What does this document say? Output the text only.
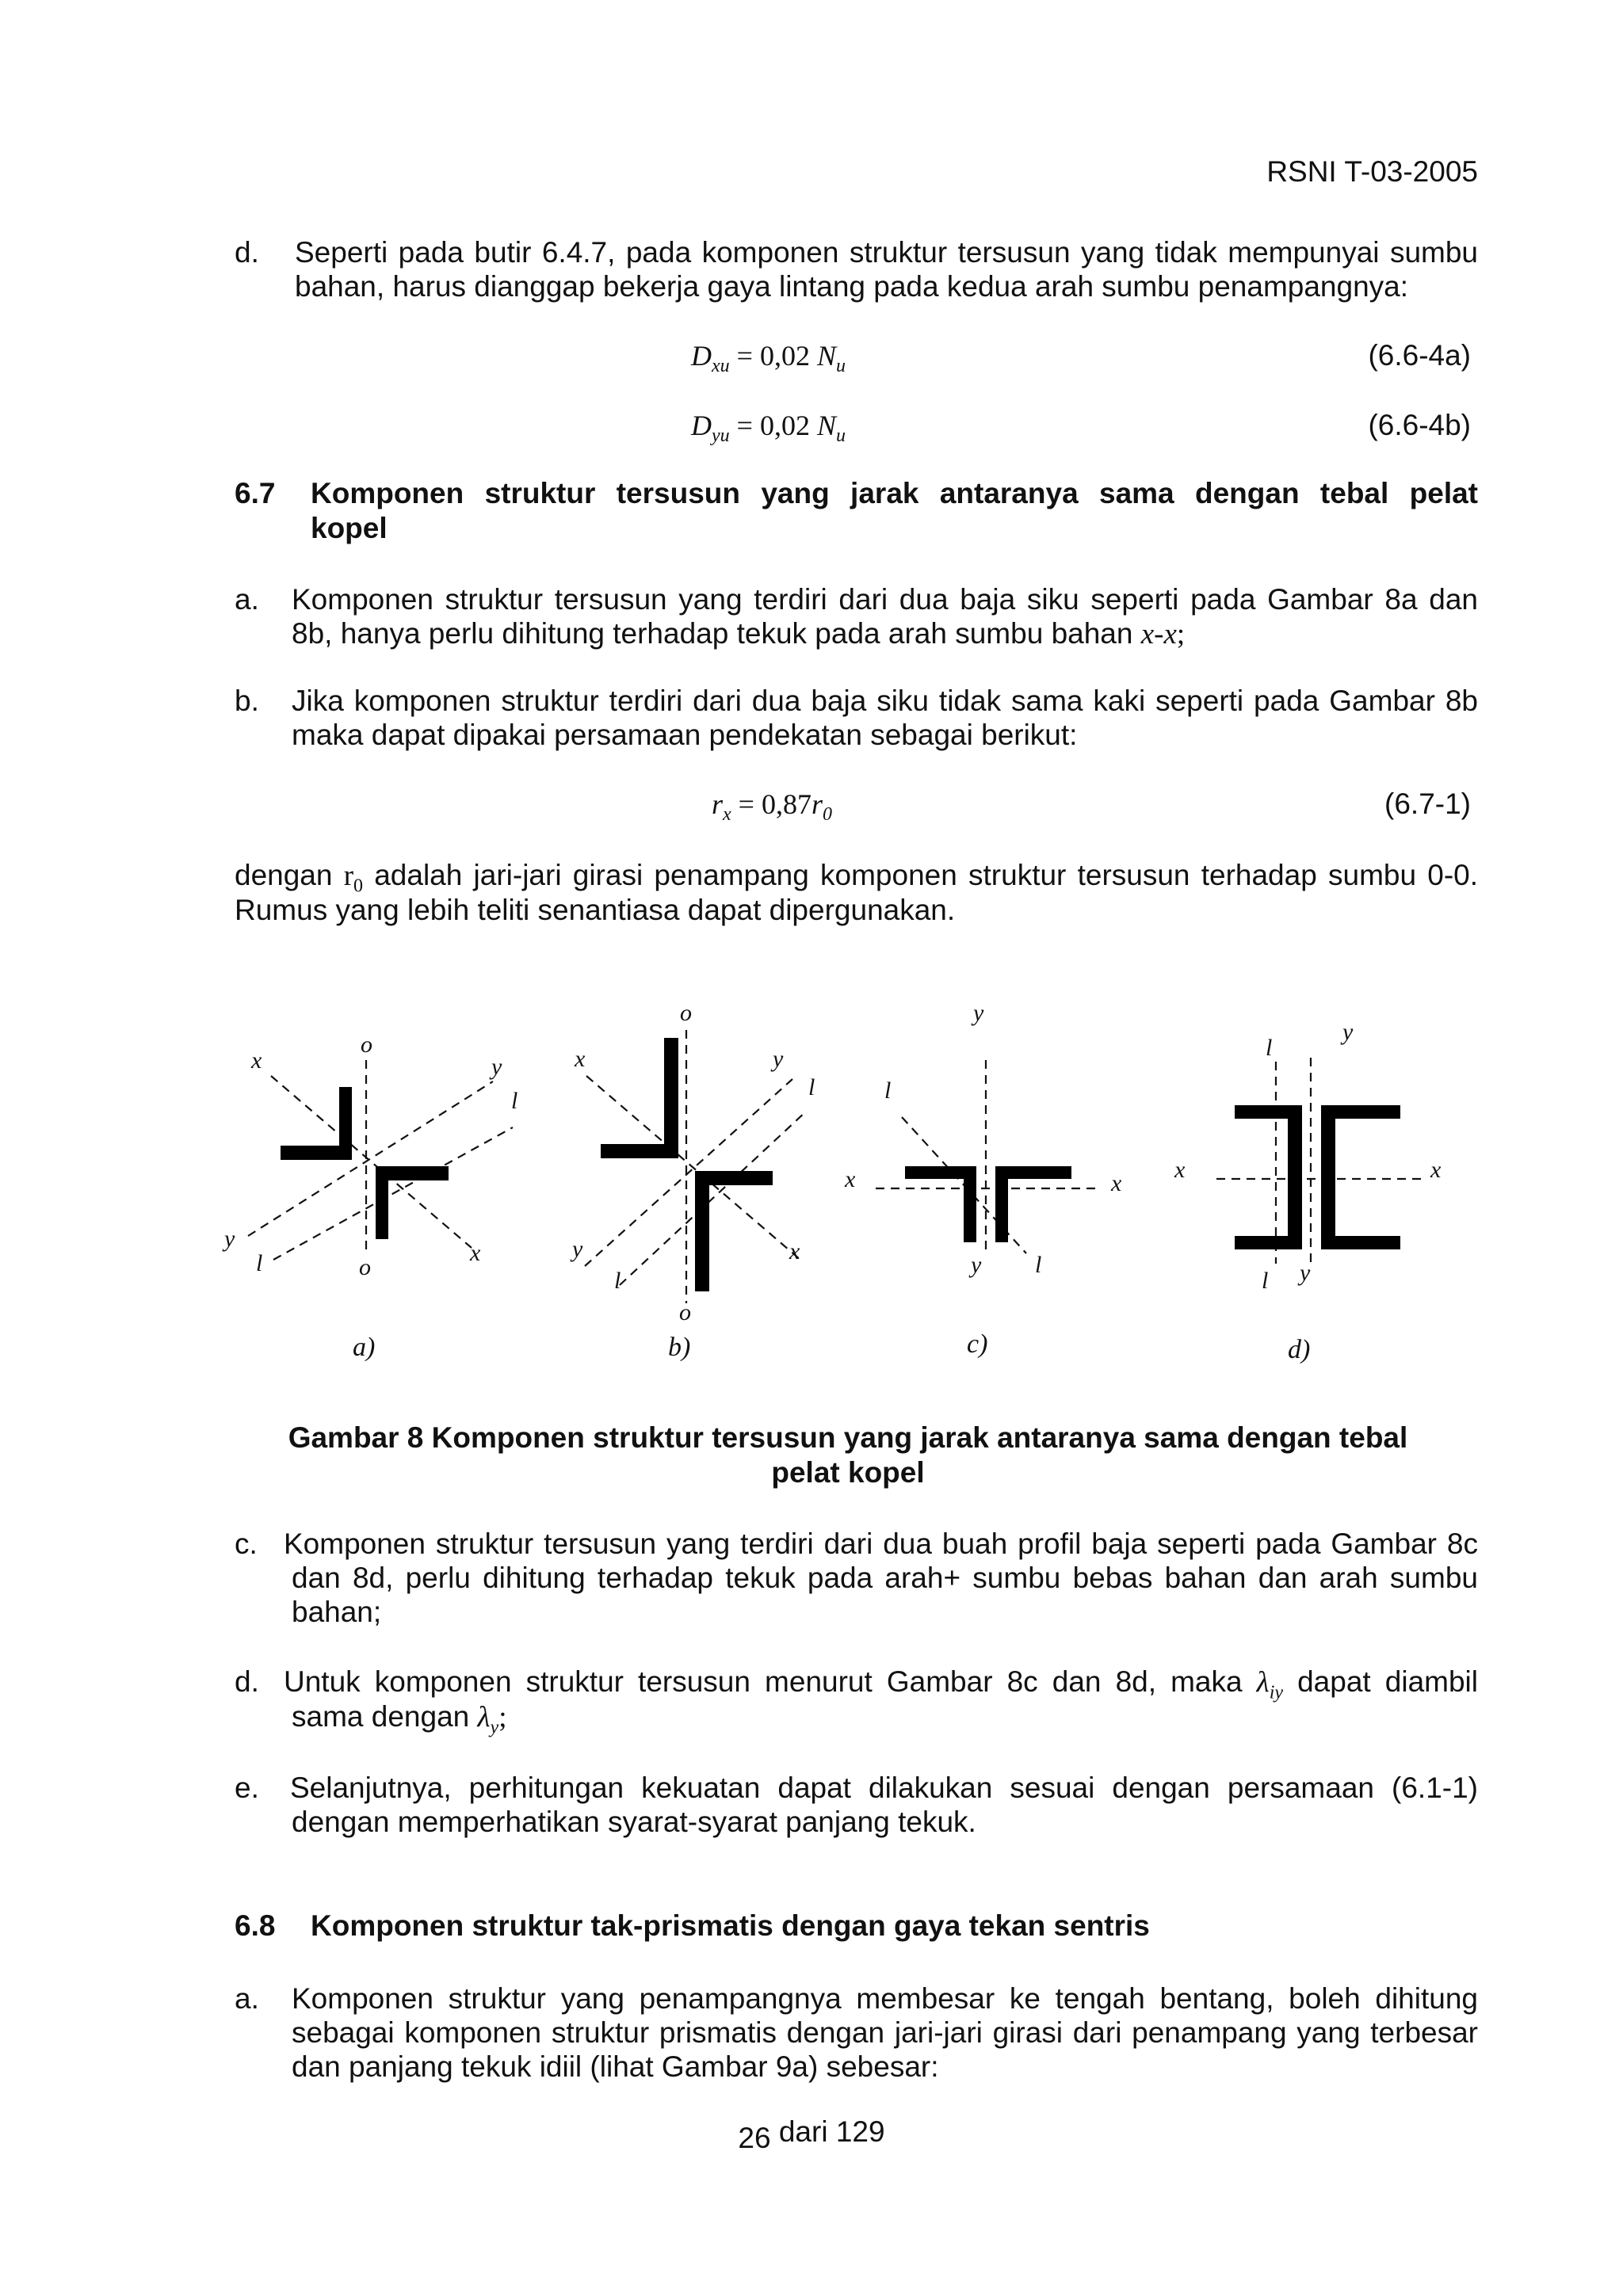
RSNI T-03-2005
d. Seperti pada butir 6.4.7, pada komponen struktur tersusun yang tidak mempunyai sumbu
bahan, harus dianggap bekerja gaya lintang pada kedua arah sumbu penampangnya:
$D_{xu} = 0,02$ $N_u$	(6.6-4a)
$D_{yu} = 0,02$ $N_u$	(6.6-4b)
6.7 Komponen struktur tersusun yang jarak antaranya sama dengan tebal pelat
kopel
a. Komponen struktur tersusun yang terdiri dari dua baja siku seperti pada Gambar 8a dan
8b, hanya perlu dihitung terhadap tekuk pada arah sumbu bahan x-x;
b. Jika komponen struktur terdiri dari dua baja siku tidak sama kaki seperti pada Gambar 8b
maka dapat dipakai persamaan pendekatan sebagai berikut:
$r_x = 0,87r_0$	(6.7-1)
dengan $r_0$ adalah jari-jari girasi penampang komponen struktur tersusun terhadap sumbu 0-0.
Rumus yang lebih teliti senantiasa dapat dipergunakan.
o
x	y
l
y
l	o
x
o
x	y
l
y	x
l
o
y
l
x	x
y l
l
y
x	x
l y
a)	b)	c)	d)
Gambar 8 Komponen struktur tersusun yang jarak antaranya sama dengan tebal
pelat kopel
c. Komponen struktur tersusun yang terdiri dari dua buah profil baja seperti pada Gambar 8c
dan 8d, perlu dihitung terhadap tekuk pada arah+ sumbu bebas bahan dan arah sumbu
bahan;
d. Untuk komponen struktur tersusun menurut Gambar 8c dan 8d, maka $\lambda_{iy}$ dapat diambil
sama dengan $\lambda_y$;
e. Selanjutnya, perhitungan kekuatan dapat dilakukan sesuai dengan persamaan (6.1-1)
dengan memperhatikan syarat-syarat panjang tekuk.
6.8 Komponen struktur tak-prismatis dengan gaya tekan sentris
a. Komponen struktur yang penampangnya membesar ke tengah bentang, boleh dihitung
sebagai komponen struktur prismatis dengan jari-jari girasi dari penampang yang terbesar
dan panjang tekuk idiil (lihat Gambar 9a) sebesar:
26 dari 129
